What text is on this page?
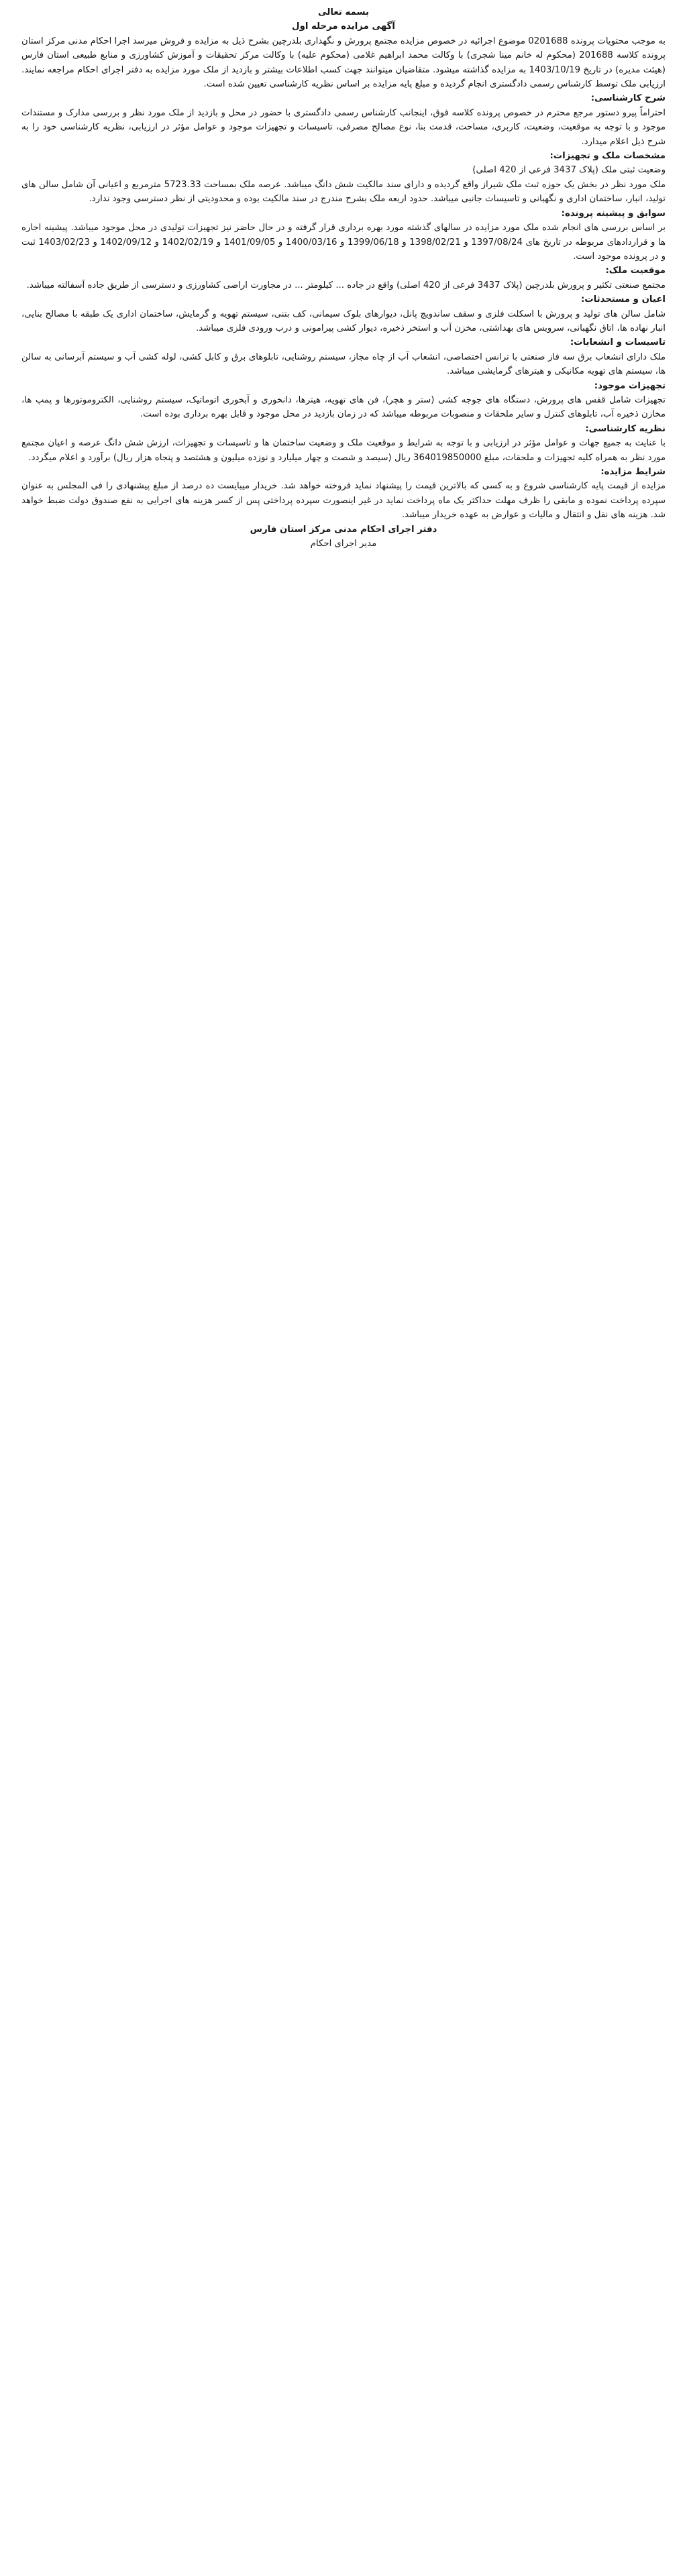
بسمه تعالی

آگهی مزایده مرحله اول

به موجب محتویات پرونده 0201688 موضوع اجرائیه در خصوص مزایده مجتمع پرورش و نگهداری بلدرچین بشرح ذیل به مزایده و فروش میرسد اجرا احکام مدنی مرکز استان پرونده کلاسه 201688 (محکوم له خانم مینا شجری) با وکالت محمد ابراهیم غلامی (محکوم علیه) با وکالت مرکز تحقیقات و آموزش کشاورزی و منابع طبیعی استان فارس (هیئت مدیره) در تاریخ 1403/10/19 به مزایده گذاشته میشود. متقاضیان میتوانند جهت کسب اطلاعات بیشتر و بازدید از ملک مورد مزایده به دفتر اجرای احکام مراجعه نمایند. ارزیابی ملک توسط کارشناس رسمی دادگستری انجام گردیده و مبلغ پایه مزایده بر اساس نظریه کارشناسی تعیین شده است.

شرح کارشناسی:

احتراماً پیرو دستور مرجع محترم در خصوص پرونده کلاسه فوق، اینجانب کارشناس رسمی دادگستری با حضور در محل و بازدید از ملک مورد نظر و بررسی مدارک و مستندات موجود و با توجه به موقعیت، وضعیت، کاربری، مساحت، قدمت بنا، نوع مصالح مصرفی، تاسیسات و تجهیزات موجود و عوامل مؤثر در ارزیابی، نظریه کارشناسی خود را به شرح ذیل اعلام میدارد.

مشخصات ملک و تجهیزات:

وضعیت ثبتی ملک (پلاک 3437 فرعی از 420 اصلی)

ملک مورد نظر در بخش یک حوزه ثبت ملک شیراز واقع گردیده و دارای سند مالکیت شش دانگ میباشد. عرصه ملک بمساحت 5723.33 مترمربع و اعیانی آن شامل سالن های تولید، انبار، ساختمان اداری و نگهبانی و تاسیسات جانبی میباشد. حدود اربعه ملک بشرح مندرج در سند مالکیت بوده و محدودیتی از نظر دسترسی وجود ندارد.

سوابق و پیشینه پرونده:

بر اساس بررسی های انجام شده ملک مورد مزایده در سالهای گذشته مورد بهره برداری قرار گرفته و در حال حاضر نیز تجهیزات تولیدی در محل موجود میباشد. پیشینه اجاره ها و قراردادهای مربوطه در تاریخ های 1397/08/24 و 1398/02/21 و 1399/06/18 و 1400/03/16 و 1401/09/05 و 1402/02/19 و 1402/09/12 و 1403/02/23 ثبت و در پرونده موجود است.

موقعیت ملک:

مجتمع صنعتی تکثیر و پرورش بلدرچین (پلاک 3437 فرعی از 420 اصلی) واقع در جاده ... کیلومتر ... در مجاورت اراضی کشاورزی و دسترسی از طریق جاده آسفالته میباشد.

اعیان و مستحدثات:

شامل سالن های تولید و پرورش با اسکلت فلزی و سقف ساندویچ پانل، دیوارهای بلوک سیمانی، کف بتنی، سیستم تهویه و گرمایش، ساختمان اداری یک طبقه با مصالح بنایی، انبار نهاده ها، اتاق نگهبانی، سرویس های بهداشتی، مخزن آب و استخر ذخیره، دیوار کشی پیرامونی و درب ورودی فلزی میباشد.

تاسیسات و انشعابات:

ملک دارای انشعاب برق سه فاز صنعتی با ترانس اختصاصی، انشعاب آب از چاه مجاز، سیستم روشنایی، تابلوهای برق و کابل کشی، لوله کشی آب و سیستم آبرسانی به سالن ها، سیستم های تهویه مکانیکی و هیترهای گرمایشی میباشد.

تجهیزات موجود:

تجهیزات شامل قفس های پرورش، دستگاه های جوجه کشی (ستر و هچر)، فن های تهویه، هیترها، دانخوری و آبخوری اتوماتیک، سیستم روشنایی، الکتروموتورها و پمپ ها، مخازن ذخیره آب، تابلوهای کنترل و سایر ملحقات و منصوبات مربوطه میباشد که در زمان بازدید در محل موجود و قابل بهره برداری بوده است.

نظریه کارشناسی:

با عنایت به جمیع جهات و عوامل مؤثر در ارزیابی و با توجه به شرایط و موقعیت ملک و وضعیت ساختمان ها و تاسیسات و تجهیزات، ارزش شش دانگ عرصه و اعیان مجتمع مورد نظر به همراه کلیه تجهیزات و ملحقات، مبلغ 364019850000 ریال (سیصد و شصت و چهار میلیارد و نوزده میلیون و هشتصد و پنجاه هزار ریال) برآورد و اعلام میگردد.

شرایط مزایده:

مزایده از قیمت پایه کارشناسی شروع و به کسی که بالاترین قیمت را پیشنهاد نماید فروخته خواهد شد. خریدار میبایست ده درصد از مبلغ پیشنهادی را فی المجلس به عنوان سپرده پرداخت نموده و مابقی را ظرف مهلت حداکثر یک ماه پرداخت نماید در غیر اینصورت سپرده پرداختی پس از کسر هزینه های اجرایی به نفع صندوق دولت ضبط خواهد شد. هزینه های نقل و انتقال و مالیات و عوارض به عهده خریدار میباشد.

دفتر اجرای احکام مدنی مرکز استان فارس

مدیر اجرای احکام
